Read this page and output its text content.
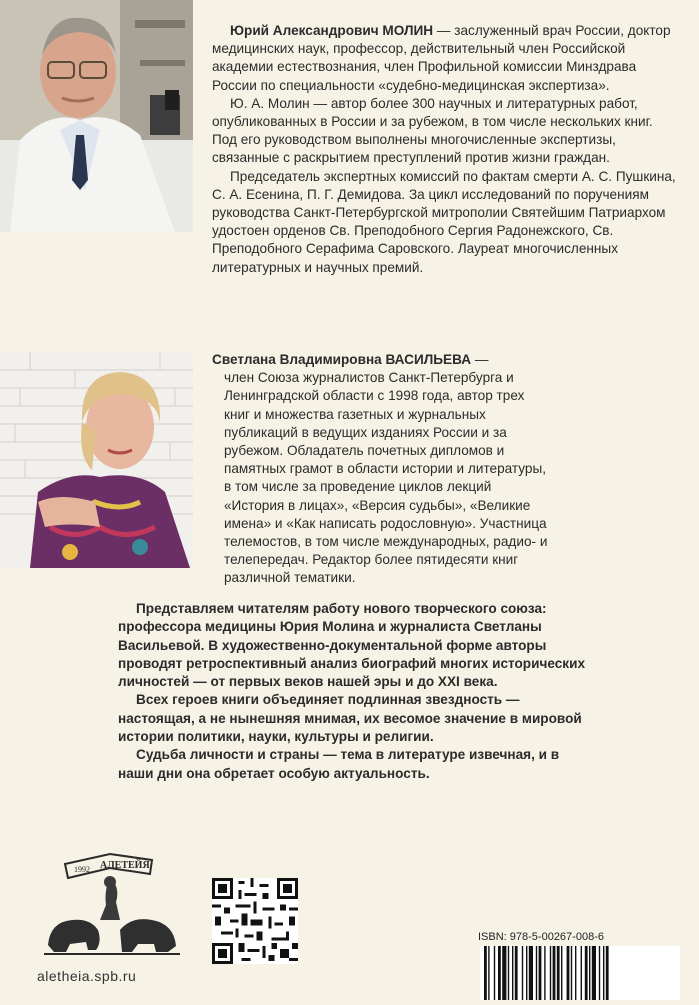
Юрий Александрович МОЛИН — заслуженный врач России, доктор медицинских наук, профессор, действительный член Российской академии естествознания, член Профильной комиссии Минздрава России по специальности «судебно-медицинская экспертиза».

Ю. А. Молин — автор более 300 научных и литературных работ, опубликованных в России и за рубежом, в том числе нескольких книг. Под его руководством выполнены многочисленные экспертизы, связанные с раскрытием преступлений против жизни граждан.

Председатель экспертных комиссий по фактам смерти А. С. Пушкина, С. А. Есенина, П. Г. Демидова. За цикл исследований по поручениям руководства Санкт-Петербургской митрополии Святейшим Патриархом удостоен орденов Св. Преподобного Сергия Радонежского, Св. Преподобного Серафима Саровского. Лауреат многочисленных литературных и научных премий.

Светлана Владимировна ВАСИЛЬЕВА —

член Союза журналистов Санкт-Петербурга и Ленинградской области с 1998 года, автор трех книг и множества газетных и журнальных публикаций в ведущих изданиях России и за рубежом. Обладатель почетных дипломов и памятных грамот в области истории и литературы, в том числе за проведение циклов лекций «История в лицах», «Версия судьбы», «Великие имена» и «Как написать родословную». Участница телемостов, в том числе международных, радио- и телепередач. Редактор более пятидесяти книг различной тематики.

Представляем читателям работу нового творческого союза: профессора медицины Юрия Молина и журналиста Светланы Васильевой. В художественно-документальной форме авторы проводят ретроспективный анализ биографий многих исторических личностей — от первых веков нашей эры и до XXI века.

Всех героев книги объединяет подлинная звездность — настоящая, а не нынешняя мнимая, их весомое значение в мировой истории политики, науки, культуры и религии.

Судьба личности и страны — тема в литературе извечная, и в наши дни она обретает особую актуальность.

1992 АЛЕТЕЙЯ
aletheia.spb.ru
ISBN: 978-5-00267-008-6
